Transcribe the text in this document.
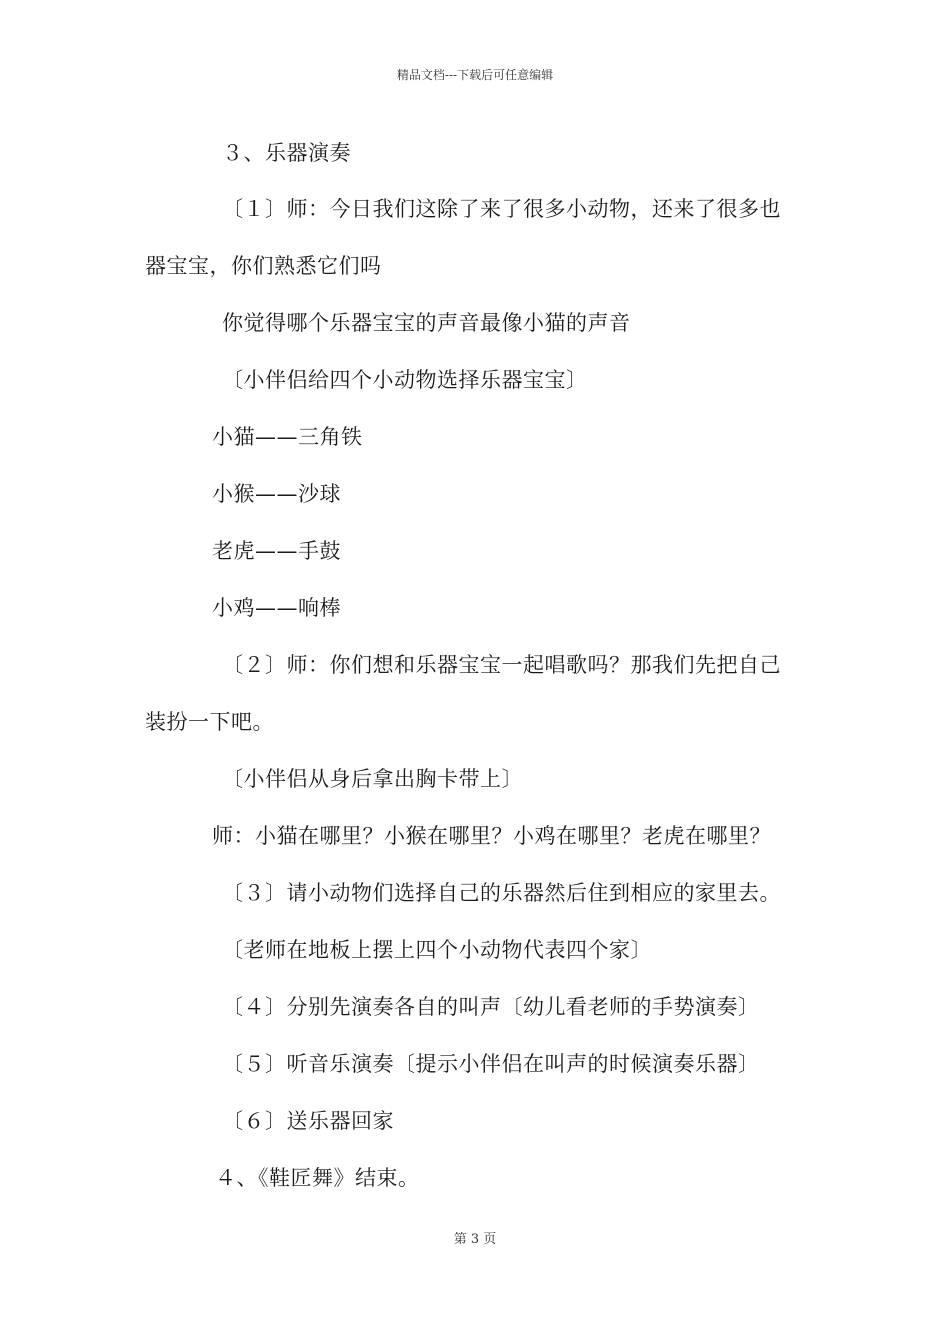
精品文档---下载后可任意编辑
３、乐器演奏
〔１〕师：今日我们这除了来了很多小动物，还来了很多也
器宝宝，你们熟悉它们吗
你觉得哪个乐器宝宝的声音最像小猫的声音
〔小伴侣给四个小动物选择乐器宝宝〕
小猫——三角铁
小猴——沙球
老虎——手鼓
小鸡——响棒
〔２〕师：你们想和乐器宝宝一起唱歌吗？那我们先把自己
装扮一下吧。
〔小伴侣从身后拿出胸卡带上〕
师：小猫在哪里？小猴在哪里？小鸡在哪里？老虎在哪里？
〔３〕请小动物们选择自己的乐器然后住到相应的家里去。
〔老师在地板上摆上四个小动物代表四个家〕
〔４〕分别先演奏各自的叫声〔幼儿看老师的手势演奏〕
〔５〕听音乐演奏〔提示小伴侣在叫声的时候演奏乐器〕
〔６〕送乐器回家
４、《鞋匠舞》结束。
第 3 页
